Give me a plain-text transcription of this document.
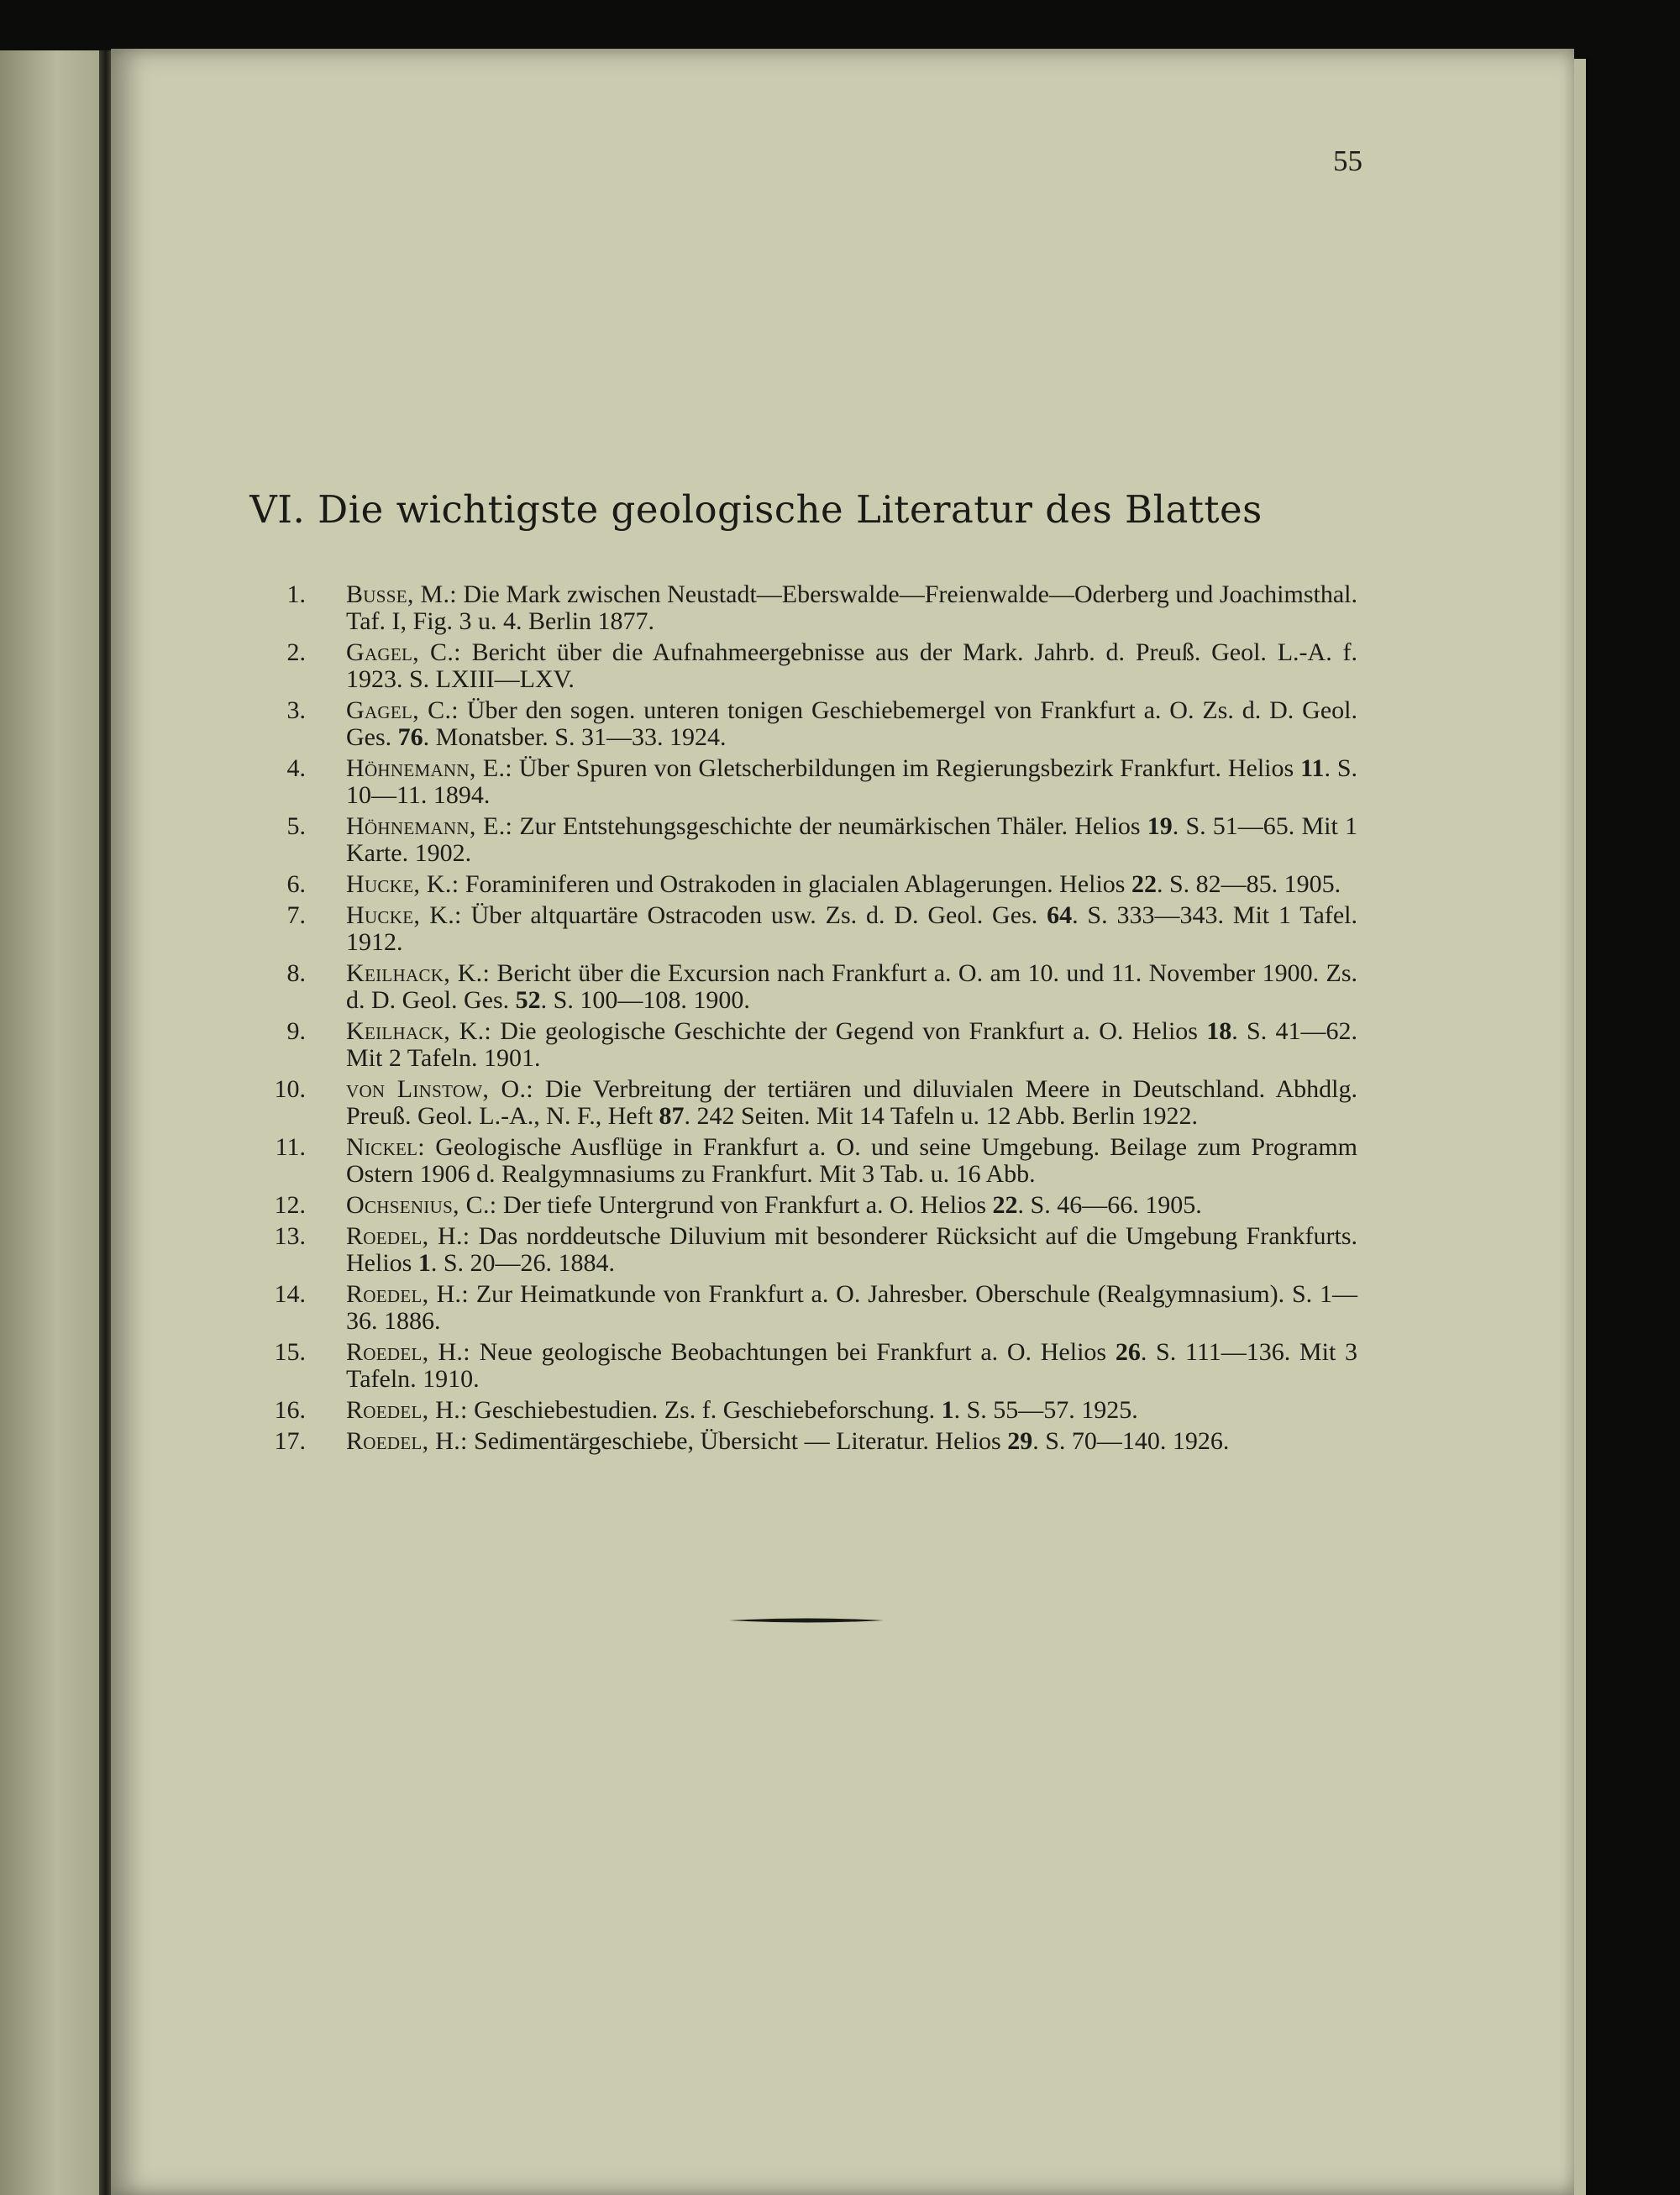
55
VI. Die wichtigste geologische Literatur des Blattes
1. Busse, M.: Die Mark zwischen Neustadt—Eberswalde—Freienwalde—Oderberg und Joachimsthal. Taf. I, Fig. 3 u. 4. Berlin 1877.
2. Gagel, C.: Bericht über die Aufnahmeergebnisse aus der Mark. Jahrb. d. Preuß. Geol. L.-A. f. 1923. S. LXIII—LXV.
3. Gagel, C.: Über den sogen. unteren tonigen Geschiebemergel von Frankfurt a. O. Zs. d. D. Geol. Ges. 76. Monatsber. S. 31—33. 1924.
4. Höhnemann, E.: Über Spuren von Gletscherbildungen im Regierungsbezirk Frankfurt. Helios 11. S. 10—11. 1894.
5. Höhnemann, E.: Zur Entstehungsgeschichte der neumärkischen Thäler. Helios 19. S. 51—65. Mit 1 Karte. 1902.
6. Hucke, K.: Foraminiferen und Ostrakoden in glacialen Ablagerungen. Helios 22. S. 82—85. 1905.
7. Hucke, K.: Über altquartäre Ostracoden usw. Zs. d. D. Geol. Ges. 64. S. 333—343. Mit 1 Tafel. 1912.
8. Keilhack, K.: Bericht über die Excursion nach Frankfurt a. O. am 10. und 11. November 1900. Zs. d. D. Geol. Ges. 52. S. 100—108. 1900.
9. Keilhack, K.: Die geologische Geschichte der Gegend von Frankfurt a. O. Helios 18. S. 41—62. Mit 2 Tafeln. 1901.
10. von Linstow, O.: Die Verbreitung der tertiären und diluvialen Meere in Deutschland. Abhdlg. Preuß. Geol. L.-A., N. F., Heft 87. 242 Seiten. Mit 14 Tafeln u. 12 Abb. Berlin 1922.
11. Nickel: Geologische Ausflüge in Frankfurt a. O. und seine Umgebung. Beilage zum Programm Ostern 1906 d. Realgymnasiums zu Frankfurt. Mit 3 Tab. u. 16 Abb.
12. Ochsenius, C.: Der tiefe Untergrund von Frankfurt a. O. Helios 22. S. 46—66. 1905.
13. Roedel, H.: Das norddeutsche Diluvium mit besonderer Rücksicht auf die Umgebung Frankfurts. Helios 1. S. 20—26. 1884.
14. Roedel, H.: Zur Heimatkunde von Frankfurt a. O. Jahresber. Oberschule (Realgymnasium). S. 1—36. 1886.
15. Roedel, H.: Neue geologische Beobachtungen bei Frankfurt a. O. Helios 26. S. 111—136. Mit 3 Tafeln. 1910.
16. Roedel, H.: Geschiebestudien. Zs. f. Geschiebeforschung. 1. S. 55—57. 1925.
17. Roedel, H.: Sedimentärgeschiebe, Übersicht — Literatur. Helios 29. S. 70—140. 1926.
